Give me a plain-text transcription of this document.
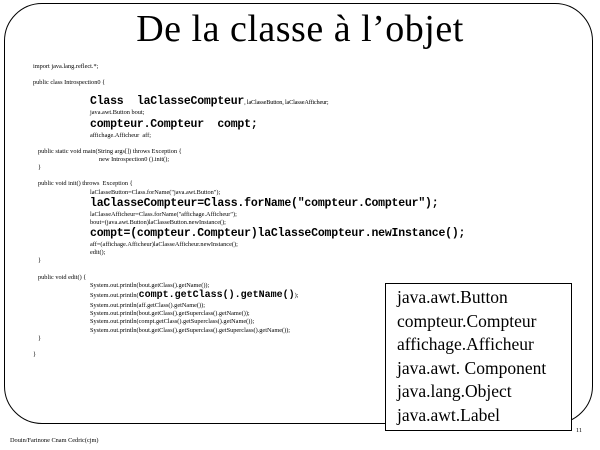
De la classe à l’objet
import java.lang.reflect.*;
public class Introspection0 {
Class  laClasseCompteur, laClasseButton, laClasseAfficheur;
java.awt.Button bout;
compteur.Compteur  compt;
affichage.Afficheur  aff;
public static void main(String args[]) throws Exception {
new Introspection0 ().init();
}
public void init() throws  Exception {
laClasseButton=Class.forName("java.awt.Button");
laClasseCompteur=Class.forName("compteur.Compteur");
laClasseAfficheur=Class.forName("affichage.Afficheur");
bout=(java.awt.Button)laClasseButton.newInstance();
compt=(compteur.Compteur)laClasseCompteur.newInstance();
aff=(affichage.Afficheur)laClasseAfficheur.newInstance();
edit();
}
public void edit() {
System.out.println(bout.getClass().getName());
System.out.println(compt.getClass().getName());
System.out.println(aff.getClass().getName());
System.out.println(bout.getClass().getSuperclass().getName());
System.out.println(compt.getClass().getSuperclass().getName());
System.out.println(bout.getClass().getSuperclass().getSuperclass().getName());
}
}
java.awt.Button
compteur.Compteur
affichage.Afficheur
java.awt. Component
java.lang.Object
java.awt.Label
11
Douin/Farinone Cnam Cedric(cjm)
